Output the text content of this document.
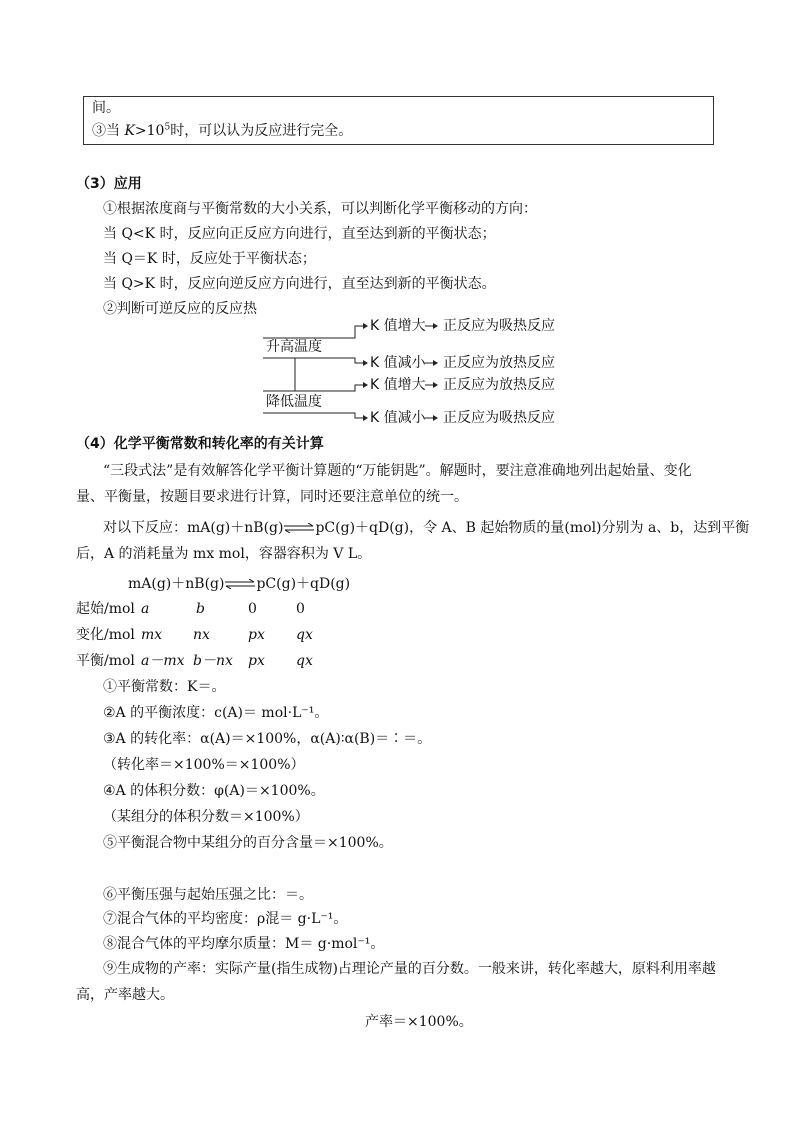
间。
③当 $K>10^5$时，可以认为反应进行完全。
（3）应用
①根据浓度商与平衡常数的大小关系，可以判断化学平衡移动的方向：
当 Q<K 时，反应向正反应方向进行，直至达到新的平衡状态；
当 Q＝K 时，反应处于平衡状态；
当 Q>K 时，反应向逆反应方向进行，直至达到新的平衡状态。
②判断可逆反应的反应热
升高温度
降低温度
K 值增大
K 值减小
K 值增大
K 值减小
正反应为吸热反应
正反应为放热反应
正反应为放热反应
正反应为吸热反应
（4）化学平衡常数和转化率的有关计算
“三段式法”是有效解答化学平衡计算题的“万能钥匙”。解题时，要注意准确地列出起始量、变化
量、平衡量，按题目要求进行计算，同时还要注意单位的统一。
对以下反应：mA(g)＋nB(g)⇌pC(g)＋qD(g)，令 A、B 起始物质的量(mol)分别为 a、b，达到平衡
后，A 的消耗量为 mx mol，容器容积为 V L。
mA(g)＋nB(g)⇌pC(g)＋qD(g)
起始/mol a	b	0	0
变化/mol mx nx	px qx
平衡/mol a－mx b－nx px qx
①平衡常数：K＝。
②A 的平衡浓度：c(A)＝ mol·L⁻¹。
③A 的转化率：α(A)＝×100%，α(A)∶α(B)＝∶＝。
（转化率＝×100%＝×100%）
④A 的体积分数：φ(A)＝×100%。
（某组分的体积分数＝×100%）
⑤平衡混合物中某组分的百分含量＝×100%。
⑥平衡压强与起始压强之比：＝。
⑦混合气体的平均密度：ρ混＝ g·L⁻¹。
⑧混合气体的平均摩尔质量：M＝ g·mol⁻¹。
⑨生成物的产率：实际产量(指生成物)占理论产量的百分数。一般来讲，转化率越大，原料利用率越
高，产率越大。
产率＝×100%。
